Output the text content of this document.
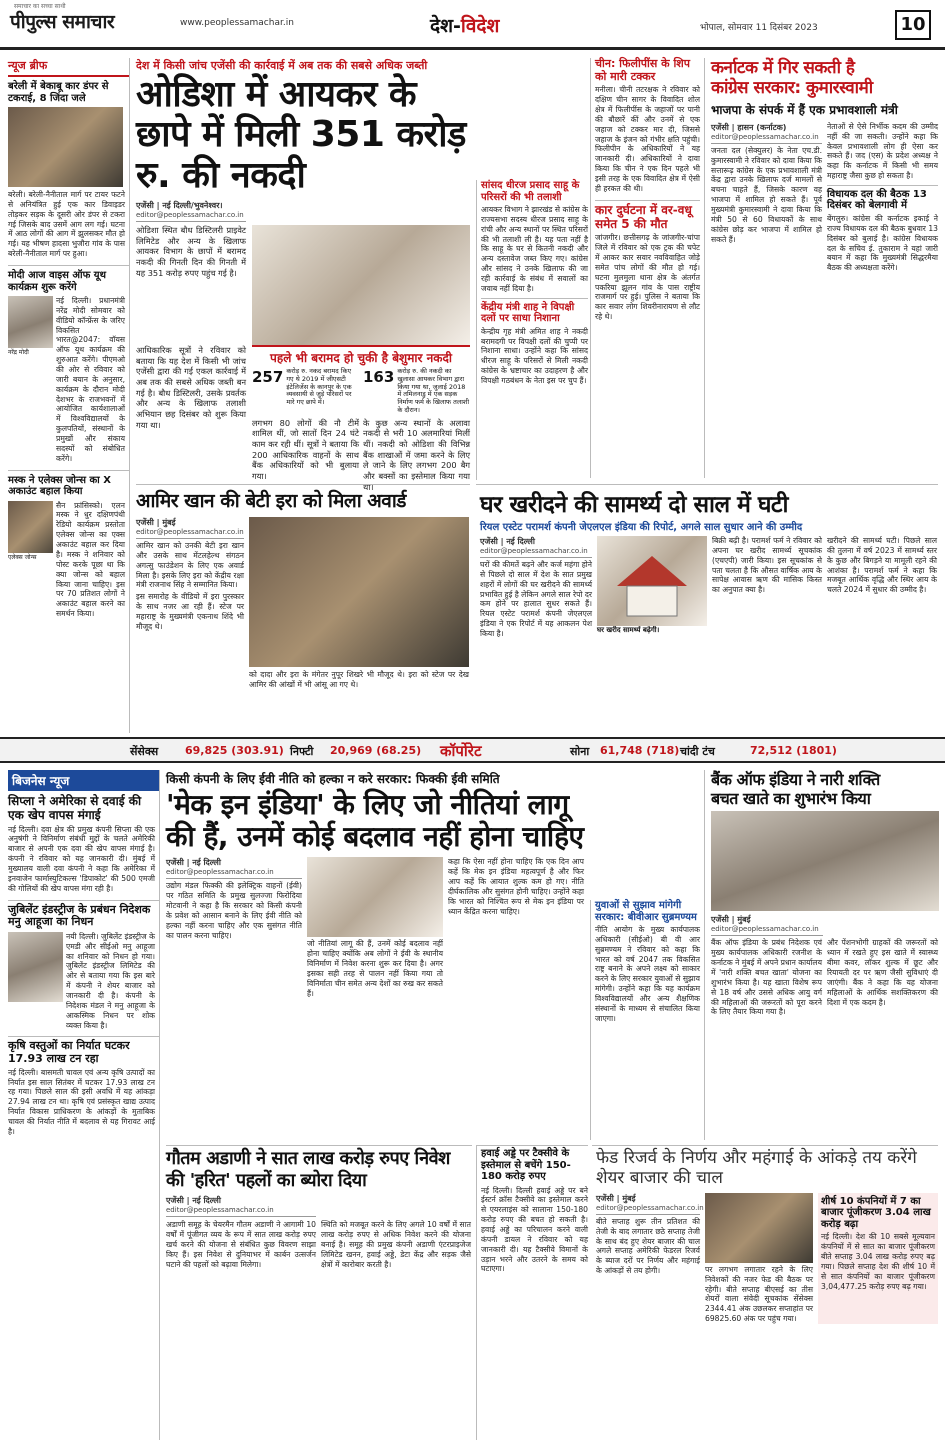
पीपुल्स समाचार
समाचार का सच्चा साथी
www.peoplessamachar.in	देश-विदेश	भोपाल, सोमवार 11 दिसंबर 2023	10
न्यूज ब्रीफ
बरेली में बेकाबू कार डंपर से टकराई, 8 जिंदा जले
बरेली। बरेली-नैनीताल मार्ग पर टायर फटने से अनियंत्रित हुई एक कार डिवाइडर तोड़कर सड़क के दूसरी ओर डंपर से टकरा गई जिसके बाद उसमें आग लग गई। घटना में आठ लोगों की आग में झुलसकर मौत हो गई। यह भीषण हादसा भुजौरा गांव के पास बरेली-नैनीताल मार्ग पर हुआ।
मोदी आज वाइस ऑफ यूथ कार्यक्रम शुरू करेंगे
नरेंद्र मोदी
नई दिल्ली। प्रधानमंत्री नरेंद्र मोदी सोमवार को वीडियो कॉन्फ्रेंस के जरिए विकसित भारत@2047: वॉयस ऑफ यूथ कार्यक्रम की शुरुआत करेंगे। पीएमओ की ओर से रविवार को जारी बयान के अनुसार, कार्यक्रम के दौरान मोदी देशभर के राजभवनों में आयोजित कार्यशालाओं में विश्वविद्यालयों के कुलपतियों, संस्थानों के प्रमुखों और संकाय सदस्यों को संबोधित करेंगे।
मस्क ने एलेक्स जोन्स का X अकाउंट बहाल किया
एलेक्स जोन्स
सैन फ्रांसिस्को। एलन मस्क ने धुर दक्षिणपंथी रेडियो कार्यक्रम प्रस्तोता एलेक्स जोन्स का एक्स अकाउंट बहाल कर दिया है। मस्क ने शनिवार को पोस्ट करके पूछा था कि क्या जोन्स को बहाल किया जाना चाहिए। इस पर 70 प्रतिशत लोगों ने अकाउंट बहाल करने का समर्थन किया।
देश में किसी जांच एजेंसी की कार्रवाई में अब तक की सबसे अधिक जब्ती
ओडिशा में आयकर के छापे में मिली 351 करोड़ रु. की नकदी
एजेंसी | नई दिल्ली/भुवनेश्वर।
editor@peoplessamachar.co.in
ओडिशा स्थित बौध डिस्टिलरी प्राइवेट लिमिटेड और अन्य के खिलाफ आयकर विभाग के छापों में बरामद नकदी की गिनती दिन की गिनती में यह 351 करोड़ रुपए पहुंच गई है।
आधिकारिक सूत्रों ने रविवार को बताया कि यह देश में किसी भी जांच एजेंसी द्वारा की गई एकल कार्रवाई में अब तक की सबसे अधिक जब्ती बन गई है। बौध डिस्टिलरी, उसके प्रवर्तक और अन्य के खिलाफ तलाशी अभियान छह दिसंबर को शुरू किया गया था।
पहले भी बरामद हो चुकी है बेशुमार नकदी
257 करोड़ रु. नकद बरामद किए गए थे 2019 में जीएसटी इंटेलिजेंस के कानपुर के एक व्यवसायी से जुड़े परिसरों पर मारे गए छापे में।
163 करोड़ रु. की नकदी का खुलासा आयकर विभाग द्वारा किया गया था, जुलाई 2018 में तमिलनाडु में एक सड़क निर्माण फर्म के खिलाफ तलाशी के दौरान।
लगभग 80 लोगों की नौ टीमें शामिल थीं, जो सातों दिन 24 घंटे काम कर रही थीं। सूत्रों ने बताया कि 200 आधिकारिक वाहनों के साथ बैंक अधिकारियों को भी बुलाया गया।
के कुछ अन्य स्थानों के अलावा नकदी से भरी 10 अलमारियां मिलीं थीं। नकदी को ओडिशा की विभिन्न बैंक शाखाओं में जमा करने के लिए ले जाने के लिए लगभग 200 बैग और बक्सों का इस्तेमाल किया गया था।
सांसद धीरज प्रसाद साहू के परिसरों की भी तलाशी
आयकर विभाग ने झारखंड से कांग्रेस के राज्यसभा सदस्य धीरज प्रसाद साहू के रांची और अन्य स्थानों पर स्थित परिसरों की भी तलाशी ली है। यह पता नहीं है कि साहू के घर से कितनी नकदी और अन्य दस्तावेज जब्त किए गए। कांग्रेस और सांसद ने उनके खिलाफ की जा रही कार्रवाई के संबंध में सवालों का जवाब नहीं दिया है।
केंद्रीय मंत्री शाह ने विपक्षी दलों पर साधा निशाना
केन्द्रीय गृह मंत्री अमित शाह ने नकदी बरामदगी पर विपक्षी दलों की चुप्पी पर निशाना साधा। उन्होंने कहा कि सांसद धीरज साहू के परिसरों से मिली नकदी कांग्रेस के भ्रष्टाचार का उदाहरण है और विपक्षी गठबंधन के नेता इस पर चुप हैं।
चीन: फिलीपींस के शिप को मारी टक्कर
मनीला। चीनी तटरक्षक ने रविवार को दक्षिण चीन सागर के विवादित शोल क्षेत्र में फिलीपींस के जहाजों पर पानी की बौछारें कीं और उनमें से एक जहाज को टक्कर मार दी, जिससे जहाज के इंजन को गंभीर क्षति पहुंची। फिलीपीन के अधिकारियों ने यह जानकारी दी। अधिकारियों ने दावा किया कि चीन ने एक दिन पहले भी इसी तरह के एक विवादित क्षेत्र में ऐसी ही हरकत की थी।
कार दुर्घटना में वर-वधू समेत 5 की मौत
जांजगीर। छत्तीसगढ़ के जांजगीर-चांपा जिले में रविवार को एक ट्रक की चपेट में आकर कार सवार नवविवाहित जोड़े समेत पांच लोगों की मौत हो गई। घटना मुलमुला थाना क्षेत्र के अंतर्गत पकरिया झूलन गांव के पास राष्ट्रीय राजमार्ग पर हुई। पुलिस ने बताया कि कार सवार लोग शिवरीनारायण से लौट रहे थे।
कर्नाटक में गिर सकती है
कांग्रेस सरकार: कुमारस्वामी
भाजपा के संपर्क में हैं एक प्रभावशाली मंत्री
एजेंसी | हासन (कर्नाटक)
editor@peoplessamachar.co.in
जनता दल (सेक्युलर) के नेता एच.डी. कुमारस्वामी ने रविवार को दावा किया कि सत्तारूढ़ कांग्रेस के एक प्रभावशाली मंत्री केंद्र द्वारा उनके खिलाफ दर्ज मामलों से बचना चाहते हैं, जिसके कारण वह भाजपा में शामिल हो सकते हैं। पूर्व मुख्यमंत्री कुमारस्वामी ने दावा किया कि मंत्री 50 से 60 विधायकों के साथ कांग्रेस छोड़ कर भाजपा में शामिल हो सकते हैं।
नेताओं से ऐसे निर्भीक कदम की उम्मीद नहीं की जा सकती। उन्होंने कहा कि केवल प्रभावशाली लोग ही ऐसा कर सकते हैं। जद (एस) के प्रदेश अध्यक्ष ने कहा कि कर्नाटक में किसी भी समय महाराष्ट्र जैसा कुछ हो सकता है।
विधायक दल की बैठक 13 दिसंबर को बेलगावी में
बेंगलुरु। कांग्रेस की कर्नाटक इकाई ने राज्य विधायक दल की बैठक बुधवार 13 दिसंबर को बुलाई है। कांग्रेस विधायक दल के सचिव ई. तुकाराम ने यहां जारी बयान में कहा कि मुख्यमंत्री सिद्धरमैया बैठक की अध्यक्षता करेंगे।
आमिर खान की बेटी इरा को मिला अवार्ड
एजेंसी | मुंबई
editor@peoplessamachar.co.in
आमिर खान को उनकी बेटी इरा खान और उसके साथ मेंटलहेल्थ संगठन अगत्सु फाउंडेशन के लिए एक अवार्ड मिला है। इसके लिए इरा को केंद्रीय रक्षा मंत्री राजनाथ सिंह ने सम्मानित किया।
इस समारोह के वीडियो में इरा पुरस्कार के साथ नजर आ रही हैं। स्टेज पर महाराष्ट्र के मुख्यमंत्री एकनाथ शिंदे भी मौजूद थे।
को दादा और इरा के मंगेतर नुपूर शिखरे भी मौजूद थे। इरा को स्टेज पर देख आमिर की आंखों में भी आंसू आ गए थे।
घर खरीदने की सामर्थ्य दो साल में घटी
रियल एस्टेट परामर्श कंपनी जेएलएल इंडिया की रिपोर्ट, अगले साल सुधार आने की उम्मीद
एजेंसी | नई दिल्ली
editor@peoplessamachar.co.in
घरों की कीमतें बढ़ने और कर्ज महंगा होने से पिछले दो साल में देश के सात प्रमुख शहरों में लोगों की घर खरीदने की सामर्थ्य प्रभावित हुई है लेकिन अगले साल रेपो दर कम होने पर हालात सुधर सकते हैं। रियल एस्टेट परामर्श कंपनी जेएलएल इंडिया ने एक रिपोर्ट में यह आकलन पेश किया है।	घर खरीद सामर्थ्य बढ़ेगी।
बिक्री बढ़ी है। परामर्श फर्म ने रविवार को अपना घर खरीद सामर्थ्य सूचकांक (एचएपी) जारी किया। इस सूचकांक से पता चलता है कि औसत वार्षिक आय के सापेक्ष आवास ऋण की मासिक किस्त का अनुपात क्या है।
खरीदने की सामर्थ्य घटी। पिछले साल की तुलना में वर्ष 2023 में सामर्थ्य स्तर के कुछ और बिगड़ने या मामूली रहने की आशंका है। परामर्श फर्म ने कहा कि मजबूत आर्थिक वृद्धि और स्थिर आय के चलते 2024 में सुधार की उम्मीद है।
सेंसेक्स 69,825 (303.91) निफ्टी 20,969 (68.25) कॉर्पोरेट	सोना 61,748 (718) चांदी टंच	72,512 (1801)
बिजनेस न्यूज
सिप्ला ने अमेरिका से दवाई की एक खेप वापस मंगाई
नई दिल्ली। दवा क्षेत्र की प्रमुख कंपनी सिप्ला की एक अनुषंगी ने विनिर्माण संबंधी मुद्दों के चलते अमेरिकी बाजार से अपनी एक दवा की खेप वापस मंगाई है। कंपनी ने रविवार को यह जानकारी दी। मुंबई में मुख्यालय वाली दवा कंपनी ने कहा कि अमेरिका में इनवाजेन फार्मास्युटिकल्स 'डिपाकोट' की 500 एमजी की गोलियों की खेप वापस मंगा रही है।
जुबिलेंट इंडस्ट्रीज के प्रबंधन निदेशक मनु आहूजा का निधन
नयी दिल्ली। जुबिलेंट इंडस्ट्रीज के एमडी और सीईओ मनु आहूजा का शनिवार को निधन हो गया। जुबिलेंट इंडस्ट्रीज लिमिटेड की ओर से बताया गया कि इस बारे में कंपनी ने शेयर बाजार को जानकारी दी है। कंपनी के निदेशक मंडल ने मनु आहूजा के आकस्मिक निधन पर शोक व्यक्त किया है।
कृषि वस्तुओं का निर्यात घटकर 17.93 लाख टन रहा
नई दिल्ली। बासमती चावल एवं अन्य कृषि उत्पादों का निर्यात इस साल सितंबर में घटकर 17.93 लाख टन रह गया। पिछले साल की इसी अवधि में यह आंकड़ा 27.94 लाख टन था। कृषि एवं प्रसंस्कृत खाद्य उत्पाद निर्यात विकास प्राधिकरण के आंकड़ों के मुताबिक चावल की निर्यात नीति में बदलाव से यह गिरावट आई है।
किसी कंपनी के लिए ईवी नीति को हल्का न करे सरकार: फिक्की ईवी समिति
'मेक इन इंडिया' के लिए जो नीतियां लागू की हैं, उनमें कोई बदलाव नहीं होना चाहिए
एजेंसी | नई दिल्ली
editor@peoplessamachar.co.in
उद्योग मंडल फिक्की की इलेक्ट्रिक वाहनों (ईवी) पर गठित समिति के प्रमुख सुलज्जा फिरोदिया मोटवानी ने कहा है कि सरकार को किसी कंपनी के प्रवेश को आसान बनाने के लिए ईवी नीति को हल्का नहीं करना चाहिए और एक सुसंगत नीति का पालन करना चाहिए।
जो नीतियां लागू की हैं, उनमें कोई बदलाव नहीं होना चाहिए क्योंकि अब लोगों ने ईवी के स्थानीय विनिर्माण में निवेश करना शुरू कर दिया है। अगर इसका सही तरह से पालन नहीं किया गया तो विनिर्माता चीन समेत अन्य देशों का रुख कर सकते हैं।
कहा कि ऐसा नहीं होना चाहिए कि एक दिन आप कहें कि मेक इन इंडिया महत्वपूर्ण है और फिर आप कहें कि आयात शुल्क कम हो गए। नीति दीर्घकालिक और सुसंगत होनी चाहिए। उन्होंने कहा कि भारत को निश्चित रूप से मेक इन इंडिया पर ध्यान केंद्रित करना चाहिए।
युवाओं से सुझाव मांगेगी सरकार: बीवीआर सुब्रमण्यम
नीति आयोग के मुख्य कार्यपालक अधिकारी (सीईओ) बी वी आर सुब्रमण्यम ने रविवार को कहा कि भारत को वर्ष 2047 तक विकसित राष्ट्र बनाने के अपने लक्ष्य को साकार करने के लिए सरकार युवाओं से सुझाव मांगेगी। उन्होंने कहा कि यह कार्यक्रम विश्वविद्यालयों और अन्य शैक्षणिक संस्थानों के माध्यम से संचालित किया जाएगा।
बैंक ऑफ इंडिया ने नारी शक्ति
बचत खाते का शुभारंभ किया
एजेंसी | मुंबई
editor@peoplessamachar.co.in
बैंक ऑफ इंडिया के प्रबंध निदेशक एवं मुख्य कार्यपालक अधिकारी रजनीश के कर्नाटक ने मुंबई में अपने प्रधान कार्यालय में 'नारी शक्ति बचत खाता' योजना का शुभारंभ किया है। यह खाता विशेष रूप से 18 वर्ष और उससे अधिक आयु वर्ग की महिलाओं की जरूरतों को पूरा करने के लिए तैयार किया गया है।
और पेंशनभोगी ग्राहकों की जरूरतों को ध्यान में रखते हुए इस खाते में स्वास्थ्य बीमा कवर, लॉकर शुल्क में छूट और रियायती दर पर ऋण जैसी सुविधाएं दी जाएंगी। बैंक ने कहा कि यह योजना महिलाओं के आर्थिक सशक्तिकरण की दिशा में एक कदम है।
गौतम अडाणी ने सात लाख करोड़ रुपए निवेश की 'हरित' पहलों का ब्योरा दिया
एजेंसी | नई दिल्ली
editor@peoplessamachar.co.in
अडाणी समूह के चेयरमैन गौतम अडाणी ने आगामी 10 वर्षों में पूंजीगत व्यय के रूप में सात लाख करोड़ रुपए खर्च करने की योजना से संबंधित कुछ विवरण साझा किए हैं। इस निवेश से दुनियाभर में कार्बन उत्सर्जन घटाने की पहलों को बढ़ावा मिलेगा।
स्थिति को मजबूत करने के लिए अगले 10 वर्षों में सात लाख करोड़ रुपए से अधिक निवेश करने की योजना बनाई है। समूह की प्रमुख कंपनी अडाणी एंटरप्राइजेज लिमिटेड खनन, हवाई अड्डे, डेटा केंद्र और सड़क जैसे क्षेत्रों में कारोबार करती है।
हवाई अड्डे पर टैक्सीवे के इस्तेमाल से बचेंगे 150-180 करोड़ रुपए
नई दिल्ली। दिल्ली हवाई अड्डे पर बने ईस्टर्न क्रॉस टैक्सीवे का इस्तेमाल करने से एयरलाइंस को सालाना 150-180 करोड़ रुपए की बचत हो सकती है। हवाई अड्डे का परिचालन करने वाली कंपनी डायल ने रविवार को यह जानकारी दी। यह टैक्सीवे विमानों के उड़ान भरने और उतरने के समय को घटाएगा।
फेड रिजर्व के निर्णय और महंगाई के आंकड़े तय करेंगे शेयर बाजार की चाल
एजेंसी | मुंबई
editor@peoplessamachar.co.in
बीते सप्ताह शुरू तीन प्रतिशत की तेजी के बाद लगातार छठे सप्ताह तेजी के साथ बंद हुए शेयर बाजार की चाल अगले सप्ताह अमेरिकी फेडरल रिजर्व के ब्याज दरों पर निर्णय और महंगाई के आंकड़ों से तय होगी।	पर लगभग लगातार रहने के लिए निवेशकों की नजर फेड की बैठक पर रहेगी। बीते सप्ताह बीएसई का तीस शेयरों वाला संवेदी सूचकांक सेंसेक्स 2344.41 अंक उछलकर सप्ताहांत पर 69825.60 अंक पर पहुंच गया।
शीर्ष 10 कंपनियों में 7 का बाजार पूंजीकरण 3.04 लाख करोड़ बढ़ा
नई दिल्ली। देश की 10 सबसे मूल्यवान कंपनियों में से सात का बाजार पूंजीकरण बीते सप्ताह 3.04 लाख करोड़ रुपए बढ़ गया। पिछले सप्ताह देश की शीर्ष 10 में से सात कंपनियों का बाजार पूंजीकरण 3,04,477.25 करोड़ रुपए बढ़ गया।
